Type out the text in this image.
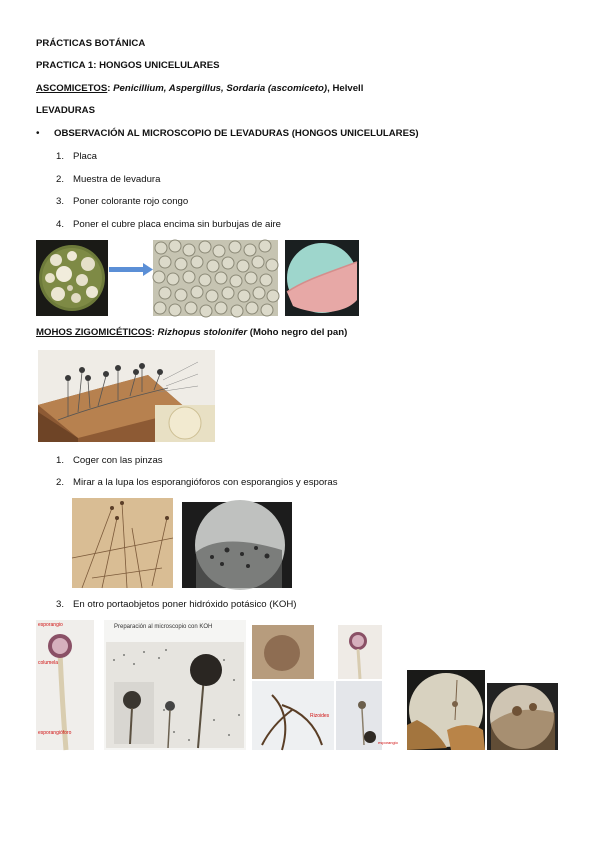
PRÁCTICAS BOTÁNICA
PRACTICA 1: HONGOS UNICELULARES
ASCOMICETOS: Penicillium, Aspergillus, Sordaria (ascomiceto), Helvell
LEVADURAS
• OBSERVACIÓN AL MICROSCOPIO DE LEVADURAS (HONGOS UNICELULARES)
1. Placa
2. Muestra de levadura
3. Poner colorante rojo congo
4. Poner el cubre placa encima sin burbujas de aire
MOHOS ZIGOMICÉTICOS: Rizhopus stolonifer (Moho negro del pan)
1. Coger con las pinzas
2. Mirar a la lupa los esporangióforos con esporangios y esporas
3. En otro portaobjetos poner hidróxido potásico (KOH)
esporangio
columela
esporangióforo
Preparación al microscopio con KOH
Rizoides
esporangio
